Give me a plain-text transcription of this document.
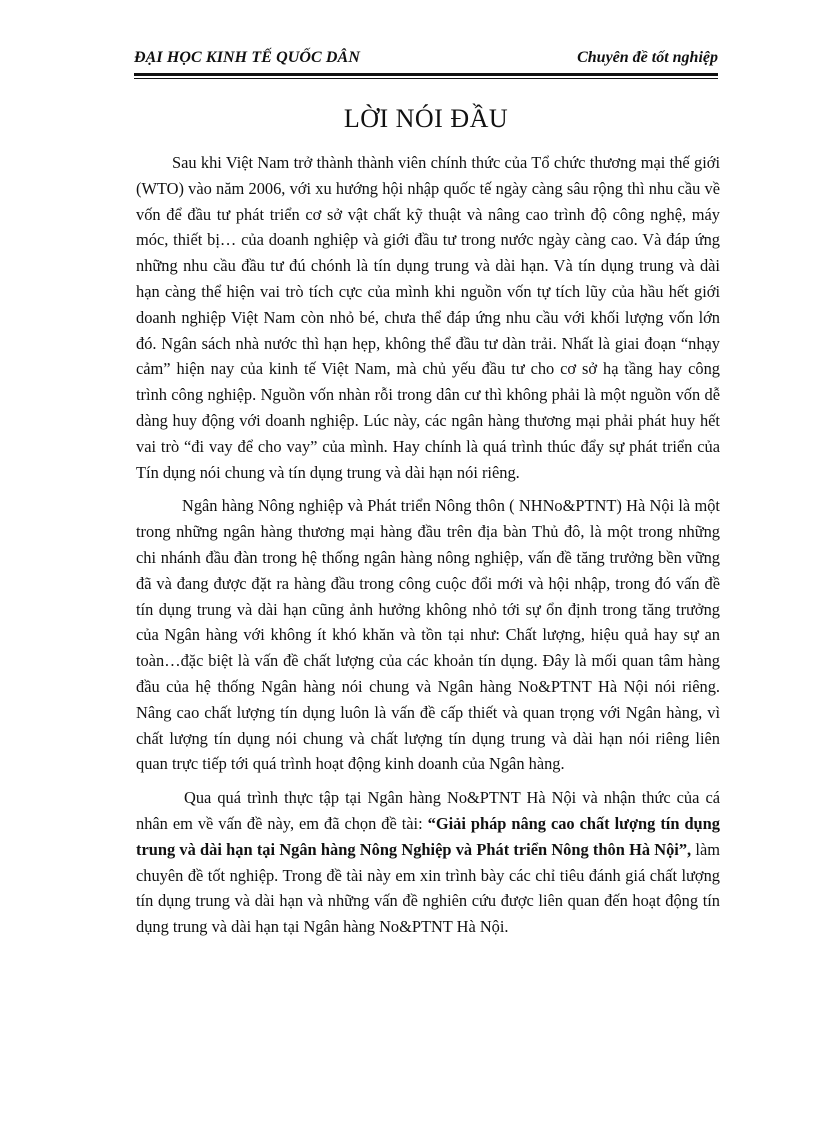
ĐẠI HỌC KINH TẾ QUỐC DÂN	Chuyên đề tốt nghiệp
LỜI NÓI ĐẦU

Sau khi Việt Nam trở thành thành viên chính thức của Tổ chức thương mại thế giới (WTO) vào năm 2006, với xu hướng hội nhập quốc tế ngày càng sâu rộng thì nhu cầu về vốn để đầu tư phát triển cơ sở vật chất kỹ thuật và nâng cao trình độ công nghệ, máy móc, thiết bị… của doanh nghiệp và giới đầu tư trong nước ngày càng cao. Và đáp ứng những nhu cầu đầu tư đú chónh là tín dụng trung và dài hạn. Và tín dụng trung và dài hạn càng thể hiện vai trò tích cực của mình khi nguồn vốn tự tích lũy của hầu hết giới doanh nghiệp Việt Nam còn nhỏ bé, chưa thể đáp ứng nhu cầu với khối lượng vốn lớn đó. Ngân sách nhà nước thì hạn hẹp, không thể đầu tư dàn trải. Nhất là giai đoạn “nhạy cảm” hiện nay của kinh tế Việt Nam, mà chủ yếu đầu tư cho cơ sở hạ tầng hay công trình công nghiệp. Nguồn vốn nhàn rỗi trong dân cư thì không phải là một nguồn vốn dễ dàng huy động với doanh nghiệp. Lúc này, các ngân hàng thương mại phải phát huy hết vai trò “đi vay để cho vay” của mình. Hay chính là quá trình thúc đẩy sự phát triển của Tín dụng nói chung và tín dụng trung và dài hạn nói riêng.

Ngân hàng Nông nghiệp và Phát triển Nông thôn ( NHNo&PTNT) Hà Nội là một trong những ngân hàng thương mại hàng đầu trên địa bàn Thủ đô, là một trong những chi nhánh đầu đàn trong hệ thống ngân hàng nông nghiệp, vấn đề tăng trưởng bền vững đã và đang được đặt ra hàng đầu trong công cuộc đổi mới và hội nhập, trong đó vấn đề tín dụng trung và dài hạn cũng ảnh hưởng không nhỏ tới sự ổn định trong tăng trưởng của Ngân hàng với không ít khó khăn và tồn tại như: Chất lượng, hiệu quả hay sự an toàn…đặc biệt là vấn đề chất lượng của các khoản tín dụng. Đây là mối quan tâm hàng đầu của hệ thống Ngân hàng nói chung và Ngân hàng No&PTNT Hà Nội nói riêng. Nâng cao chất lượng tín dụng luôn là vấn đề cấp thiết và quan trọng với Ngân hàng, vì chất lượng tín dụng nói chung và chất lượng tín dụng trung và dài hạn nói riêng liên quan trực tiếp tới quá trình hoạt động kinh doanh của Ngân hàng.

Qua quá trình thực tập tại Ngân hàng No&PTNT Hà Nội và nhận thức của cá nhân em về vấn đề này, em đã chọn đề tài: “Giải pháp nâng cao chất lượng tín dụng trung và dài hạn tại Ngân hàng Nông Nghiệp và Phát triển Nông thôn Hà Nội”, làm chuyên đề tốt nghiệp. Trong đề tài này em xin trình bày các chỉ tiêu đánh giá chất lượng tín dụng trung và dài hạn và những vấn đề nghiên cứu được liên quan đến hoạt động tín dụng trung và dài hạn tại Ngân hàng No&PTNT Hà Nội.
